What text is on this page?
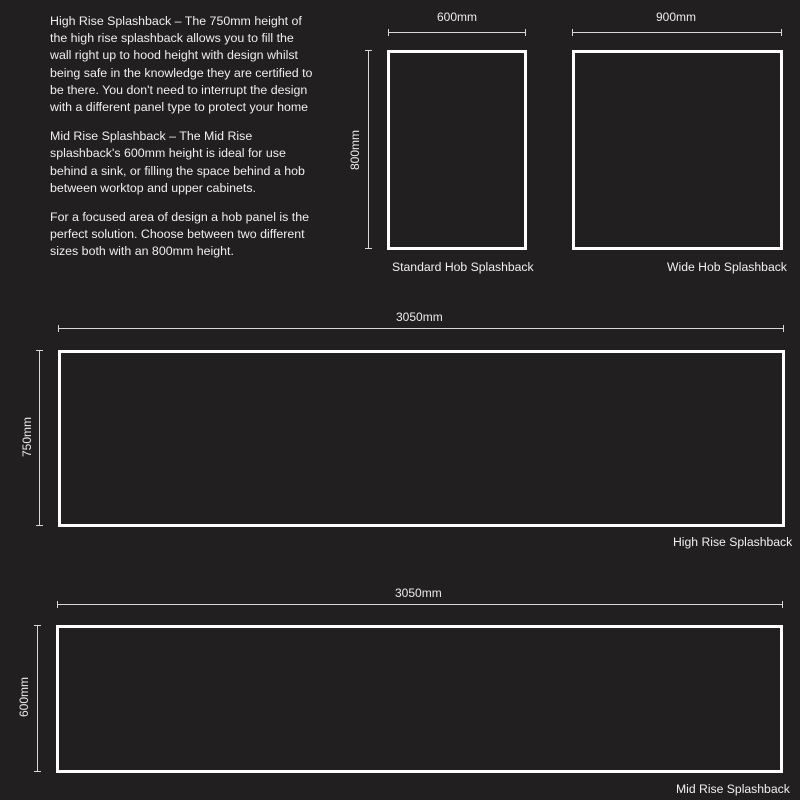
High Rise Splashback – The 750mm height of the high rise splashback allows you to fill the wall right up to hood height with design whilst being safe in the knowledge they are certified to be there. You don't need to interrupt the design with a different panel type to protect your home

Mid Rise Splashback – The Mid Rise splashback's 600mm height is ideal for use behind a sink, or filling the space behind a hob between worktop and upper cabinets.

For a focused area of design a hob panel is the perfect solution. Choose between two different sizes both with an 800mm height.

600mm
800mm
Standard Hob Splashback
900mm
Wide Hob Splashback
3050mm
750mm
High Rise Splashback
3050mm
600mm
Mid Rise Splashback
